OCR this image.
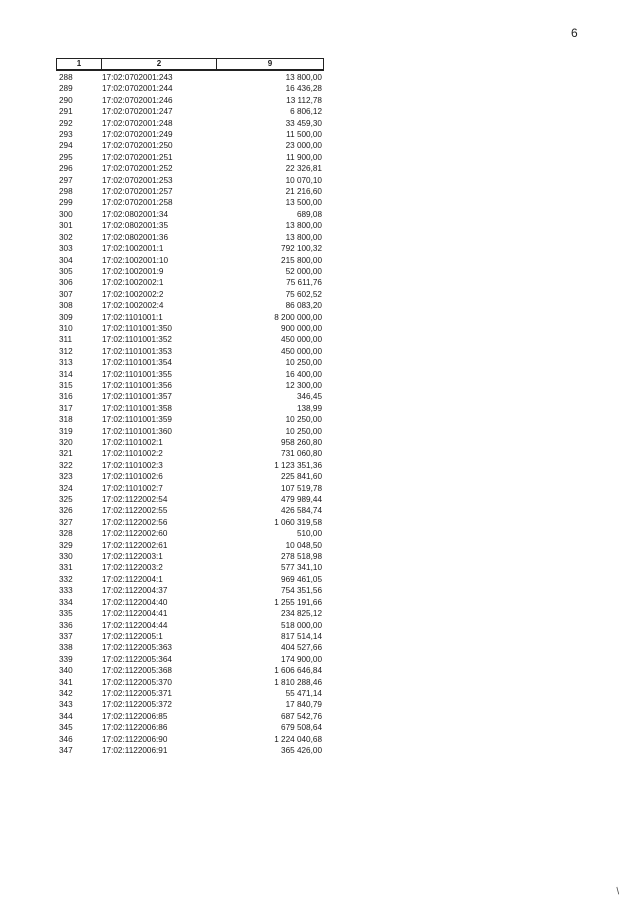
6
1	2	9
288	17:02:0702001:243	13 800,00
289	17:02:0702001:244	16 436,28
290	17:02:0702001:246	13 112,78
291	17:02:0702001:247	6 806,12
292	17:02:0702001:248	33 459,30
293	17:02:0702001:249	11 500,00
294	17:02:0702001:250	23 000,00
295	17:02:0702001:251	11 900,00
296	17:02:0702001:252	22 326,81
297	17:02:0702001:253	10 070,10
298	17:02:0702001:257	21 216,60
299	17:02:0702001:258	13 500,00
300	17:02:0802001:34	689,08
301	17:02:0802001:35	13 800,00
302	17:02:0802001:36	13 800,00
303	17:02:1002001:1	792 100,32
304	17:02:1002001:10	215 800,00
305	17:02:1002001:9	52 000,00
306	17:02:1002002:1	75 611,76
307	17:02:1002002:2	75 602,52
308	17:02:1002002:4	86 083,20
309	17:02:1101001:1	8 200 000,00
310	17:02:1101001:350	900 000,00
311	17:02:1101001:352	450 000,00
312	17:02:1101001:353	450 000,00
313	17:02:1101001:354	10 250,00
314	17:02:1101001:355	16 400,00
315	17:02:1101001:356	12 300,00
316	17:02:1101001:357	346,45
317	17:02:1101001:358	138,99
318	17:02:1101001:359	10 250,00
319	17:02:1101001:360	10 250,00
320	17:02:1101002:1	958 260,80
321	17:02:1101002:2	731 060,80
322	17:02:1101002:3	1 123 351,36
323	17:02:1101002:6	225 841,60
324	17:02:1101002:7	107 519,78
325	17:02:1122002:54	479 989,44
326	17:02:1122002:55	426 584,74
327	17:02:1122002:56	1 060 319,58
328	17:02:1122002:60	510,00
329	17:02:1122002:61	10 048,50
330	17:02:1122003:1	278 518,98
331	17:02:1122003:2	577 341,10
332	17:02:1122004:1	969 461,05
333	17:02:1122004:37	754 351,56
334	17:02:1122004:40	1 255 191,66
335	17:02:1122004:41	234 825,12
336	17:02:1122004:44	518 000,00
337	17:02:1122005:1	817 514,14
338	17:02:1122005:363	404 527,66
339	17:02:1122005:364	174 900,00
340	17:02:1122005:368	1 606 646,84
341	17:02:1122005:370	1 810 288,46
342	17:02:1122005:371	55 471,14
343	17:02:1122005:372	17 840,79
344	17:02:1122006:85	687 542,76
345	17:02:1122006:86	679 508,64
346	17:02:1122006:90	1 224 040,68
347	17:02:1122006:91	365 426,00
/
